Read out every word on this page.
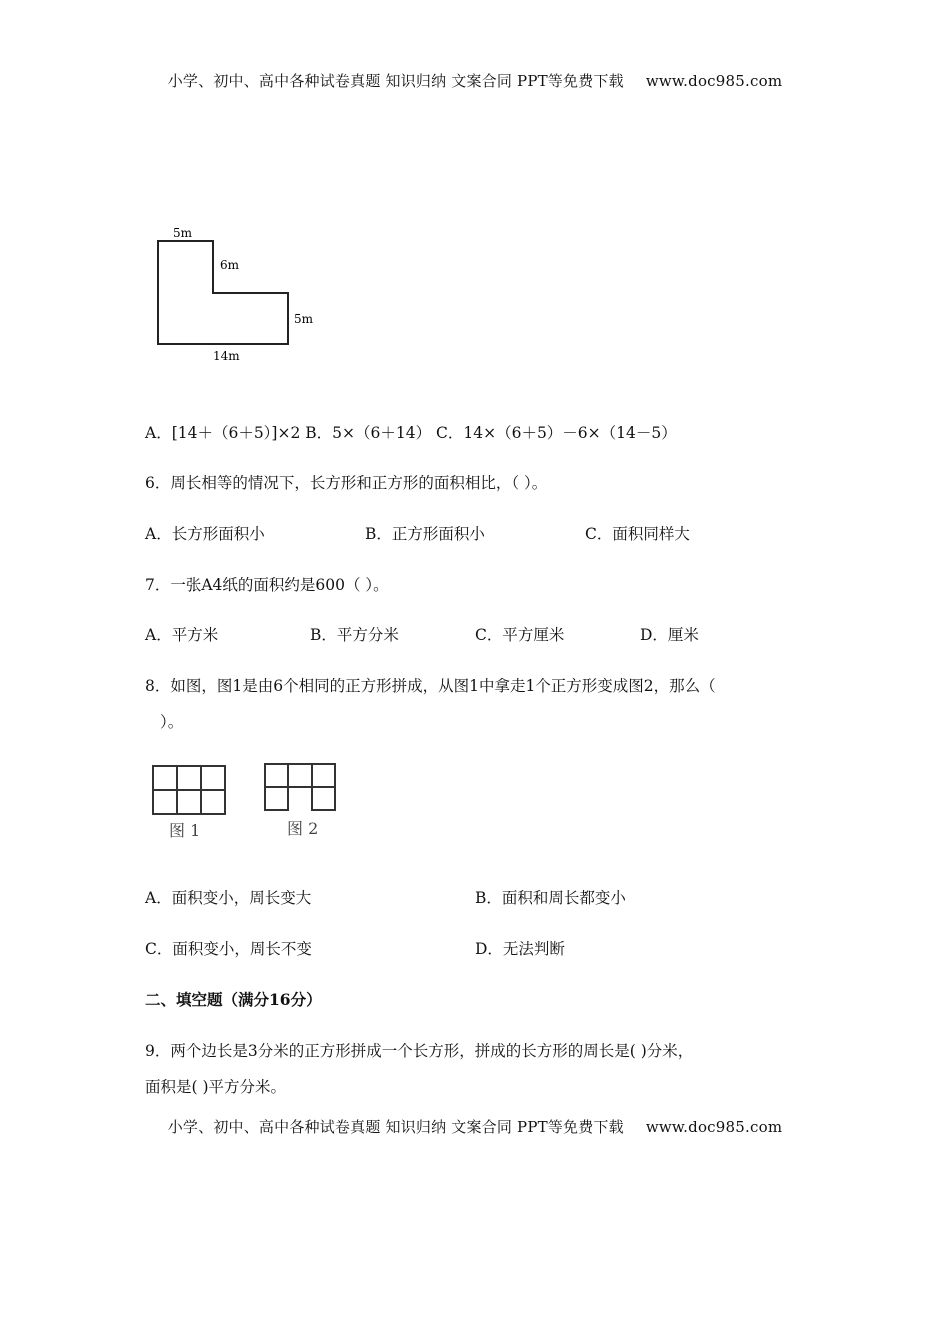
小学、初中、高中各种试卷真题 知识归纳 文案合同 PPT等免费下载 www.doc985.com
5m
6m
5m
14m
A．[14＋（6＋5）]×2 B．5×（6＋14） C．14×（6＋5）－6×（14－5）
6．周长相等的情况下，长方形和正方形的面积相比，（ ）。
A．长方形面积小	B．正方形面积小	C．面积同样大
7．一张A4纸的面积约是600（ ）。
A．平方米	B．平方分米	C．平方厘米	D．厘米
8．如图，图1是由6个相同的正方形拼成，从图1中拿走1个正方形变成图2，那么（
）。
图 1	图 2
A．面积变小，周长变大	B．面积和周长都变小
C．面积变小，周长不变	D．无法判断
二、填空题（满分16分）
9．两个边长是3分米的正方形拼成一个长方形，拼成的长方形的周长是( )分米，
面积是( )平方分米。
小学、初中、高中各种试卷真题 知识归纳 文案合同 PPT等免费下载 www.doc985.com
